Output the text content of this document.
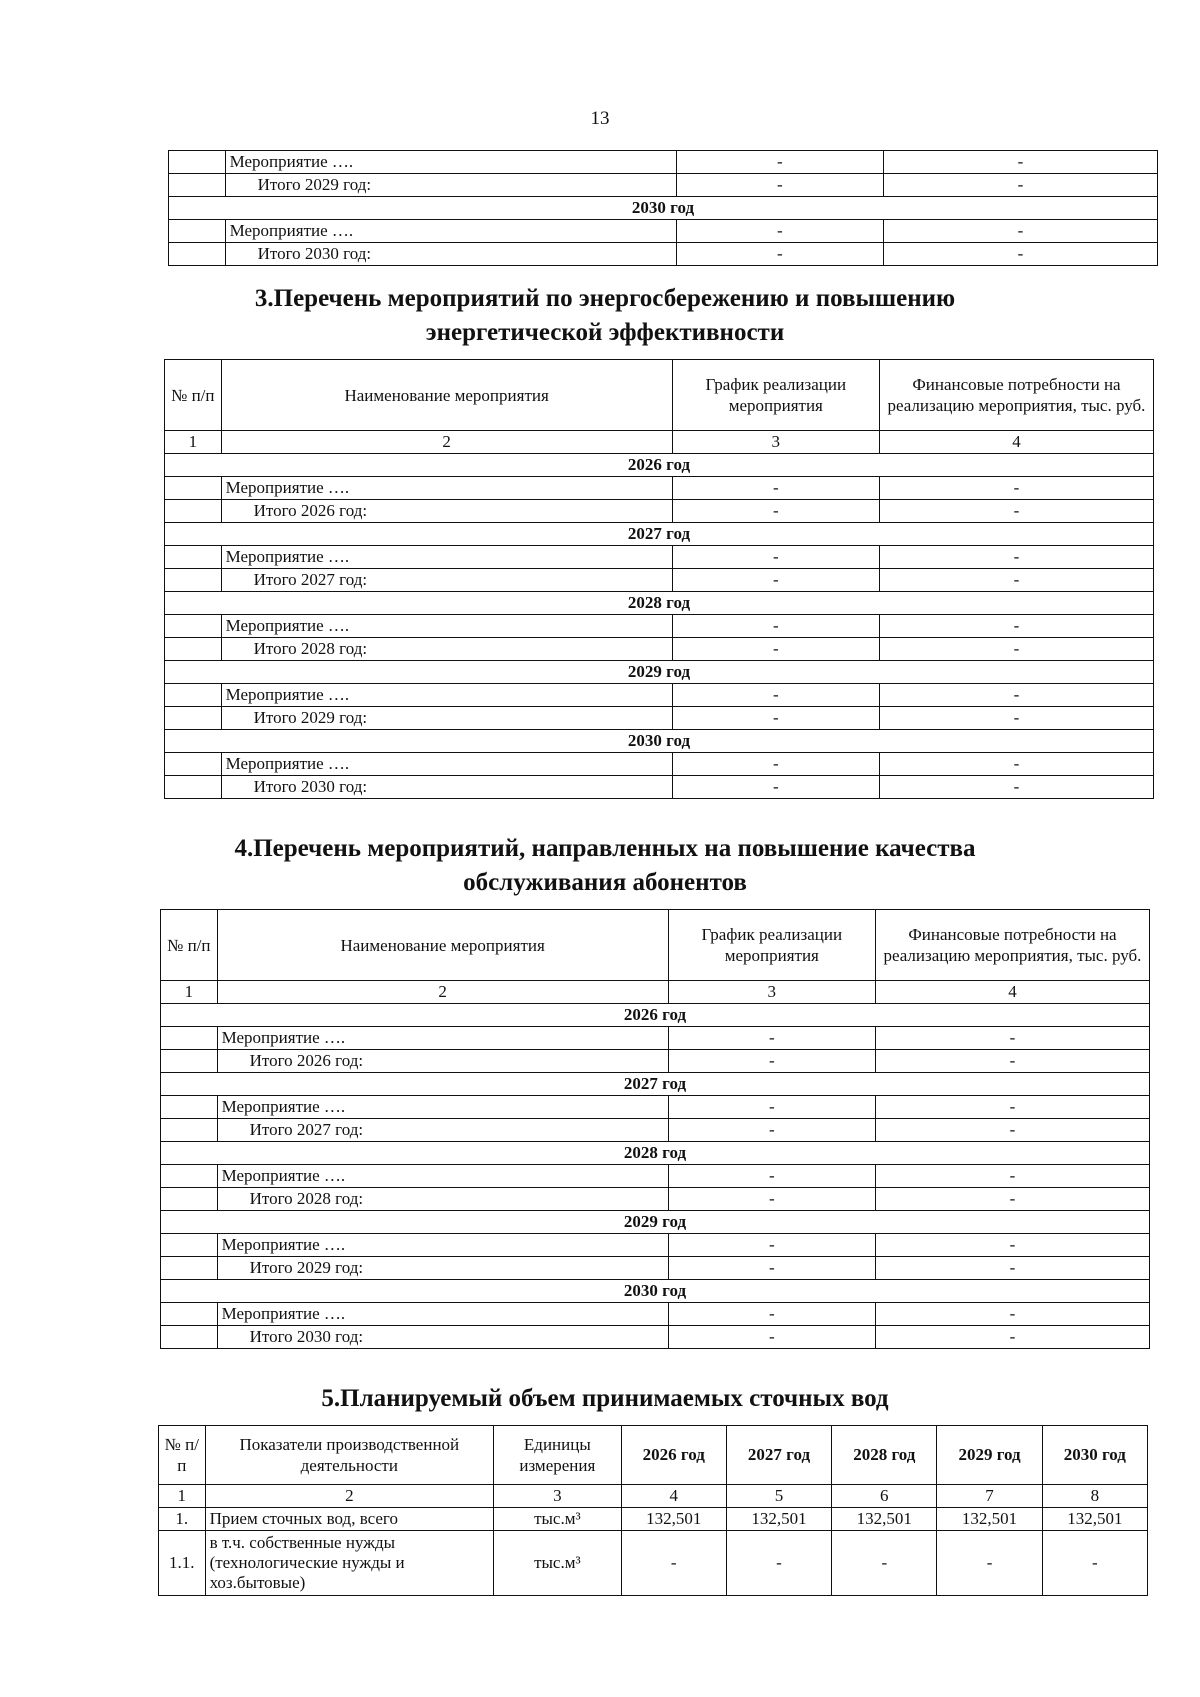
13
	Мероприятие ….	-	-
	Итого 2029 год:	-	-
2030 год			
	Мероприятие ….	-	-
	Итого 2030 год:	-	-
3.Перечень мероприятий по энергосбережению и повышению
энергетической эффективности
№ п/п	Наименование мероприятия	График реализации мероприятия	Финансовые потребности на реализацию мероприятия, тыс. руб.
1	2	3	4
2026 год			
	Мероприятие ….	-	-
	Итого 2026 год:	-	-
2027 год			
	Мероприятие ….	-	-
	Итого 2027 год:	-	-
2028 год			
	Мероприятие ….	-	-
	Итого 2028 год:	-	-
2029 год			
	Мероприятие ….	-	-
	Итого 2029 год:	-	-
2030 год			
	Мероприятие ….	-	-
	Итого 2030 год:	-	-
4.Перечень мероприятий, направленных на повышение качества
обслуживания абонентов
№ п/п	Наименование мероприятия	График реализации мероприятия	Финансовые потребности на реализацию мероприятия, тыс. руб.
1	2	3	4
2026 год			
	Мероприятие ….	-	-
	Итого 2026 год:	-	-
2027 год			
	Мероприятие ….	-	-
	Итого 2027 год:	-	-
2028 год			
	Мероприятие ….	-	-
	Итого 2028 год:	-	-
2029 год			
	Мероприятие ….	-	-
	Итого 2029 год:	-	-
2030 год			
	Мероприятие ….	-	-
	Итого 2030 год:	-	-
5.Планируемый объем принимаемых сточных вод
№ п/п	Показатели производственной деятельности	Единицы измерения	2026 год	2027 год	2028 год	2029 год	2030 год
1	2	3	4	5	6	7	8
1.	Прием сточных вод, всего	тыс.м³	132,501	132,501	132,501	132,501	132,501
1.1.	в т.ч. собственные нужды (технологические нужды и хоз.бытовые)	тыс.м³	-	-	-	-	-
